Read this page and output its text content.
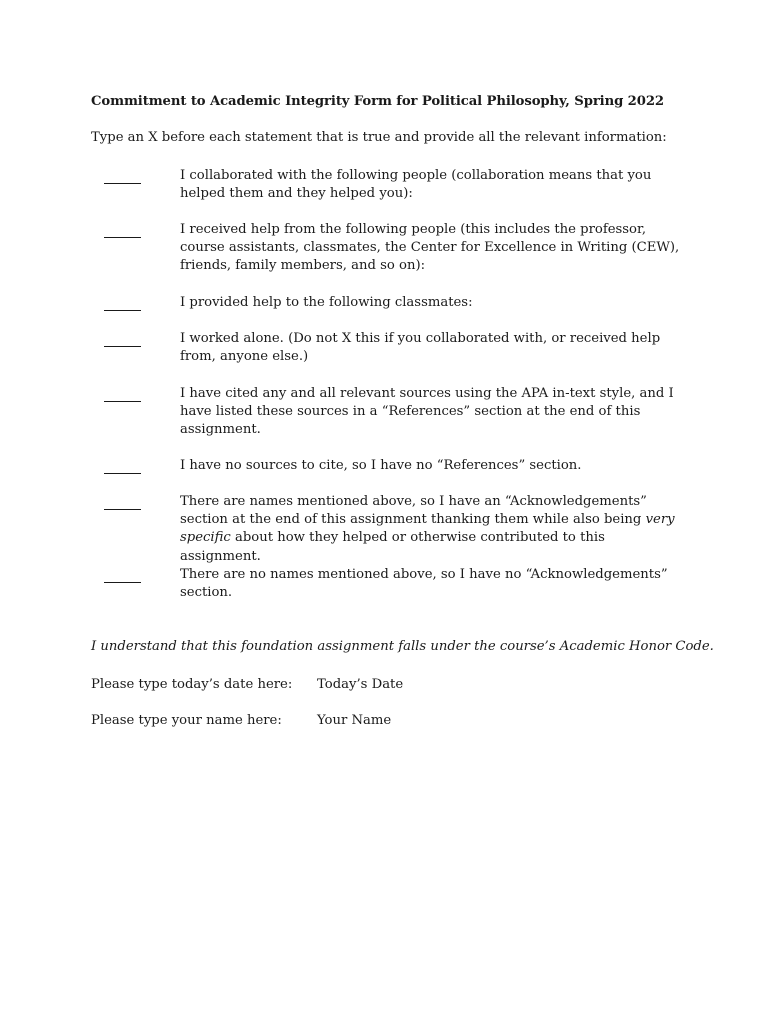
Commitment to Academic Integrity Form for Political Philosophy, Spring 2022
Type an X before each statement that is true and provide all the relevant information:
I collaborated with the following people (collaboration means that you helped them and they helped you):
I received help from the following people (this includes the professor, course assistants, classmates, the Center for Excellence in Writing (CEW), friends, family members, and so on):
I provided help to the following classmates:
I worked alone. (Do not X this if you collaborated with, or received help from, anyone else.)
I have cited any and all relevant sources using the APA in-text style, and I have listed these sources in a “References” section at the end of this assignment.
I have no sources to cite, so I have no “References” section.
There are names mentioned above, so I have an “Acknowledgements” section at the end of this assignment thanking them while also being very specific about how they helped or otherwise contributed to this assignment.
There are no names mentioned above, so I have no “Acknowledgements” section.
I understand that this foundation assignment falls under the course’s Academic Honor Code.
Please type today’s date here: Today’s Date
Please type your name here:	Your Name
